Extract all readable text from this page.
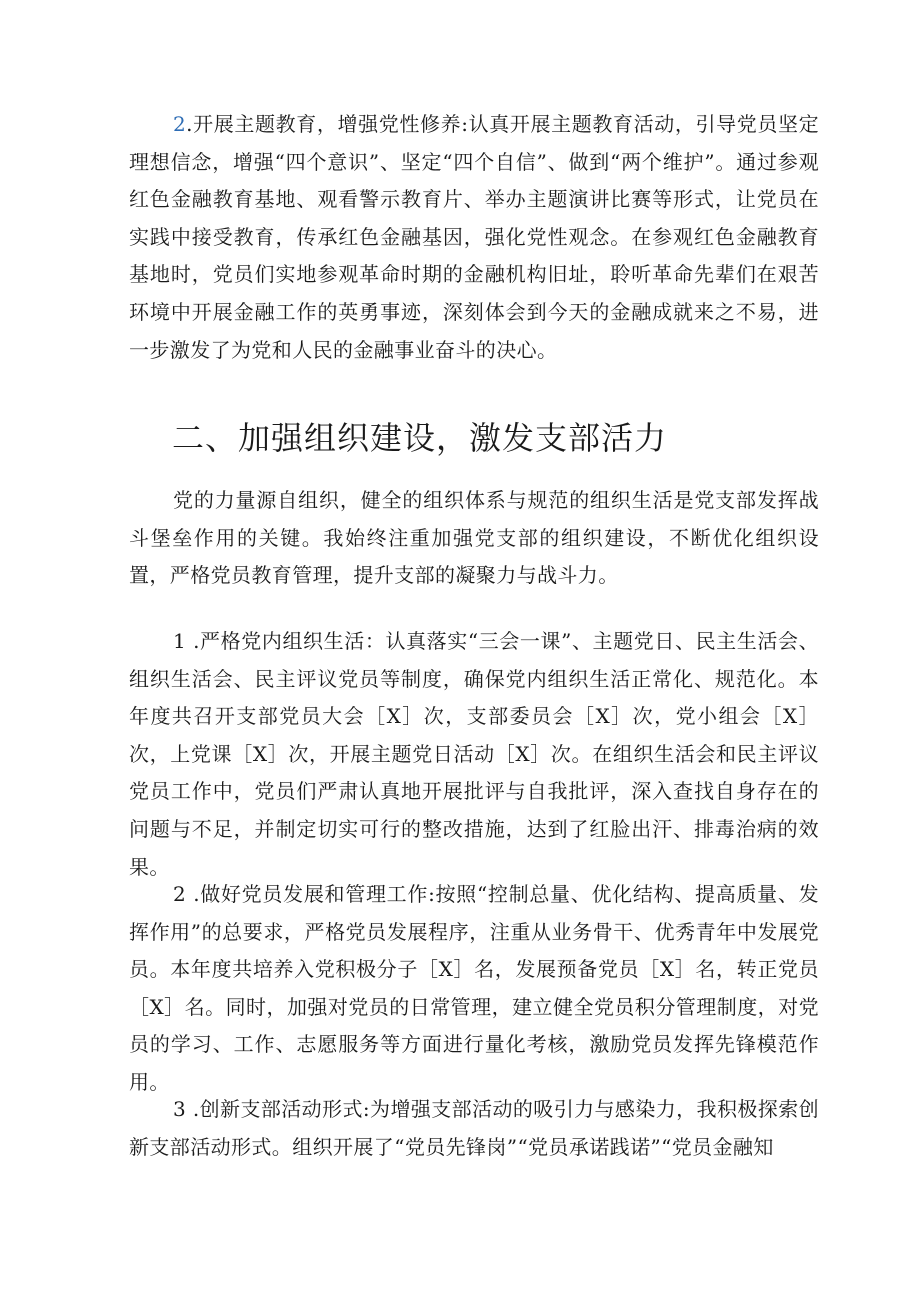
2.开展主题教育，增强党性修养:认真开展主题教育活动，引导党员坚定理想信念，增强“四个意识”、坚定“四个自信”、做到“两个维护”。通过参观红色金融教育基地、观看警示教育片、举办主题演讲比赛等形式，让党员在实践中接受教育，传承红色金融基因，强化党性观念。在参观红色金融教育基地时，党员们实地参观革命时期的金融机构旧址，聆听革命先辈们在艰苦环境中开展金融工作的英勇事迹，深刻体会到今天的金融成就来之不易，进一步激发了为党和人民的金融事业奋斗的决心。

二、加强组织建设，激发支部活力

党的力量源自组织，健全的组织体系与规范的组织生活是党支部发挥战斗堡垒作用的关键。我始终注重加强党支部的组织建设，不断优化组织设置，严格党员教育管理，提升支部的凝聚力与战斗力。

1 .严格党内组织生活：认真落实“三会一课”、主题党日、民主生活会、组织生活会、民主评议党员等制度，确保党内组织生活正常化、规范化。本年度共召开支部党员大会［X］次，支部委员会［X］次，党小组会［X］次，上党课［X］次，开展主题党日活动［X］次。在组织生活会和民主评议党员工作中，党员们严肃认真地开展批评与自我批评，深入查找自身存在的问题与不足，并制定切实可行的整改措施，达到了红脸出汗、排毒治病的效果。

2 .做好党员发展和管理工作:按照“控制总量、优化结构、提高质量、发挥作用”的总要求，严格党员发展程序，注重从业务骨干、优秀青年中发展党员。本年度共培养入党积极分子［X］名，发展预备党员［X］名，转正党员［X］名。同时，加强对党员的日常管理，建立健全党员积分管理制度，对党员的学习、工作、志愿服务等方面进行量化考核，激励党员发挥先锋模范作用。

3 .创新支部活动形式:为增强支部活动的吸引力与感染力，我积极探索创新支部活动形式。组织开展了“党员先锋岗”“党员承诺践诺”“党员金融知
